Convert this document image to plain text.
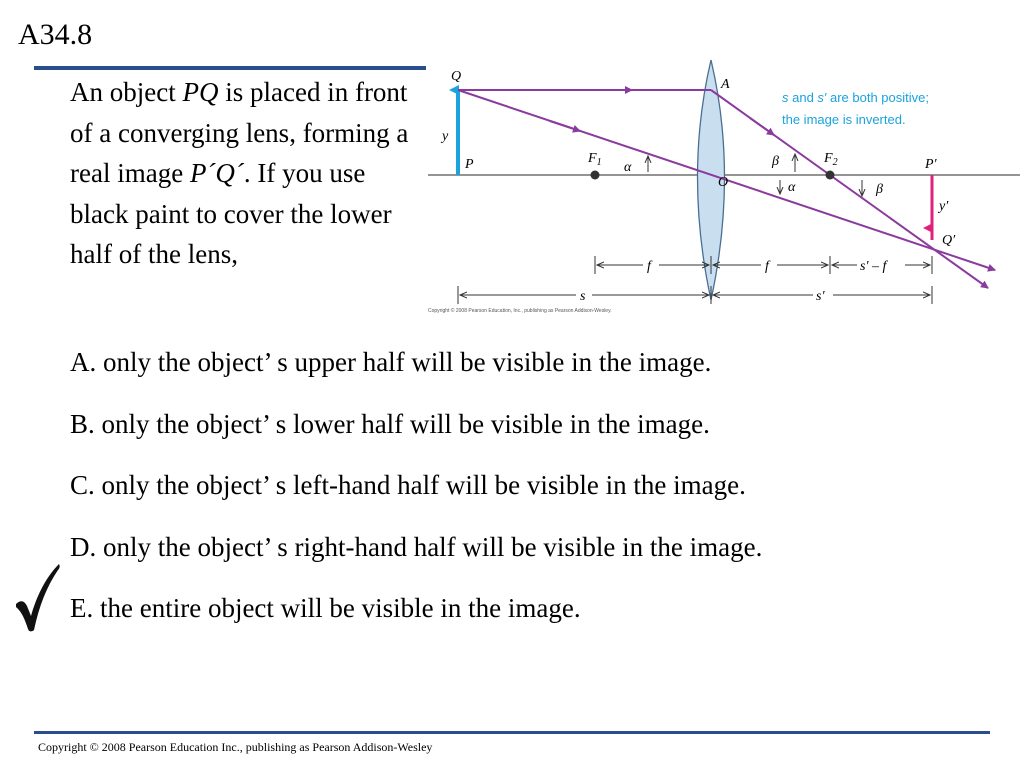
A34.8
An object PQ is placed in front of a converging lens, forming a real image P´Q´. If you use black paint to cover the lower half of the lens,
Q
P
y
A
O
$F_1$	$F_2$	P′
Q′
y′
α	β
α	β
s and s′ are both positive;
the image is inverted.
f	f	s′ – f
s	s′
Copyright © 2008 Pearson Education, Inc., publishing as Pearson Addison-Wesley.
A. only the object’ s upper half will be visible in the image.
B. only the object’ s lower half will be visible in the image.
C. only the object’ s left-hand half will be visible in the image.
D. only the object’ s right-hand half will be visible in the image.
E. the entire object will be visible in the image.
Copyright © 2008 Pearson Education Inc., publishing as Pearson Addison-Wesley
